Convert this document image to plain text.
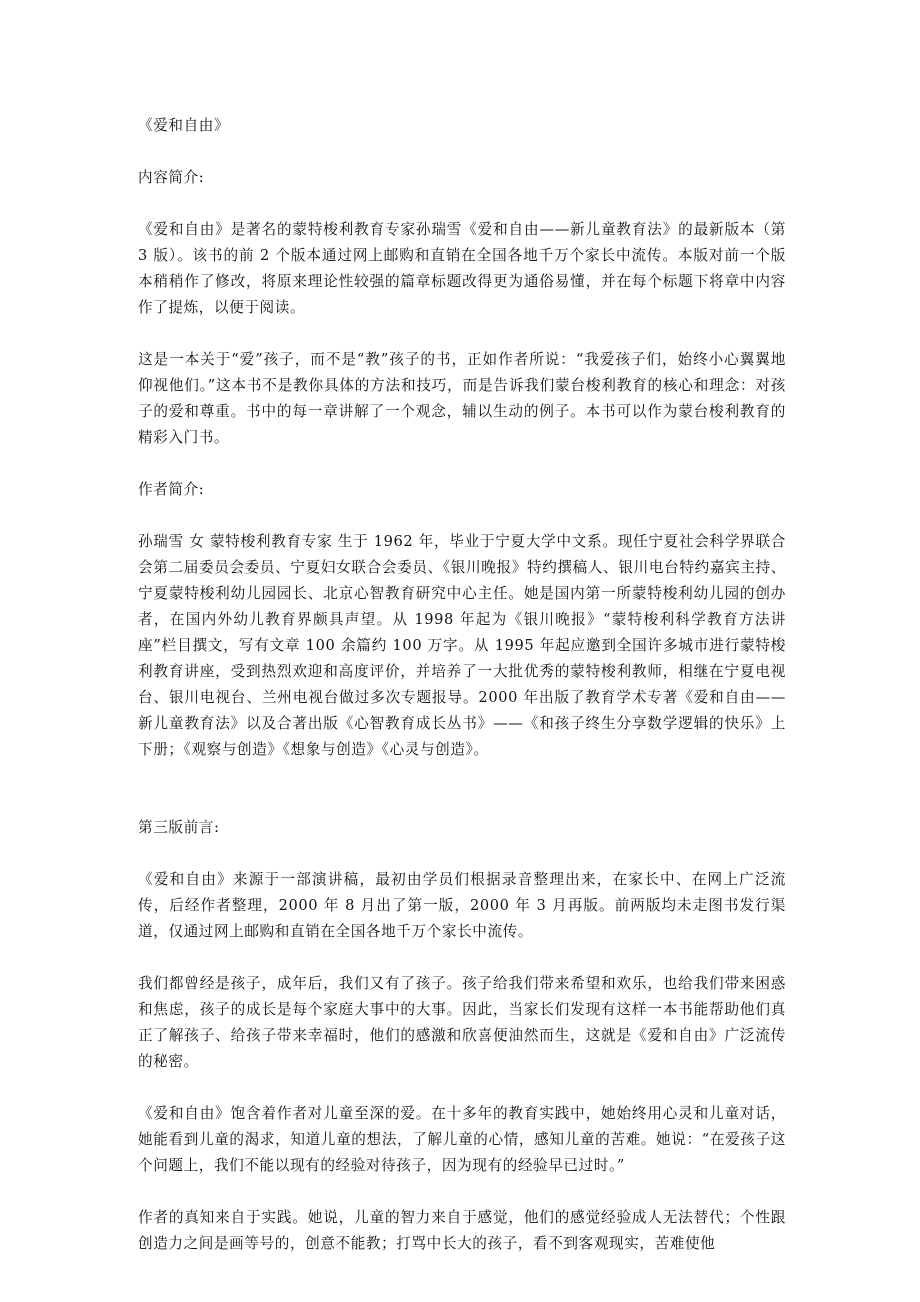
《爱和自由》

内容简介:

《爱和自由》是著名的蒙特梭利教育专家孙瑞雪《爱和自由——新儿童教育法》的最新版本（第 3 版）。该书的前 2 个版本通过网上邮购和直销在全国各地千万个家长中流传。本版对前一个版本稍稍作了修改，将原来理论性较强的篇章标题改得更为通俗易懂，并在每个标题下将章中内容作了提炼，以便于阅读。

这是一本关于“爱”孩子，而不是“教”孩子的书，正如作者所说：“我爱孩子们，始终小心翼翼地仰视他们。”这本书不是教你具体的方法和技巧，而是告诉我们蒙台梭利教育的核心和理念：对孩子的爱和尊重。书中的每一章讲解了一个观念，辅以生动的例子。本书可以作为蒙台梭利教育的精彩入门书。

作者简介:

孙瑞雪 女 蒙特梭利教育专家 生于 1962 年，毕业于宁夏大学中文系。现任宁夏社会科学界联合会第二届委员会委员、宁夏妇女联合会委员、《银川晚报》特约撰稿人、银川电台特约嘉宾主持、宁夏蒙特梭利幼儿园园长、北京心智教育研究中心主任。她是国内第一所蒙特梭利幼儿园的创办者，在国内外幼儿教育界颇具声望。从 1998 年起为《银川晚报》“蒙特梭利科学教育方法讲座”栏目撰文，写有文章 100 余篇约 100 万字。从 1995 年起应邀到全国许多城市进行蒙特梭利教育讲座，受到热烈欢迎和高度评价，并培养了一大批优秀的蒙特梭利教师，相继在宁夏电视台、银川电视台、兰州电视台做过多次专题报导。2000 年出版了教育学术专著《爱和自由——新儿童教育法》以及合著出版《心智教育成长丛书》——《和孩子终生分享数学逻辑的快乐》上下册；《观察与创造》《想象与创造》《心灵与创造》。

第三版前言:

《爱和自由》来源于一部演讲稿，最初由学员们根据录音整理出来，在家长中、在网上广泛流传，后经作者整理，2000 年 8 月出了第一版，2000 年 3 月再版。前两版均未走图书发行渠道，仅通过网上邮购和直销在全国各地千万个家长中流传。

我们都曾经是孩子，成年后，我们又有了孩子。孩子给我们带来希望和欢乐，也给我们带来困惑和焦虑，孩子的成长是每个家庭大事中的大事。因此，当家长们发现有这样一本书能帮助他们真正了解孩子、给孩子带来幸福时，他们的感激和欣喜便油然而生，这就是《爱和自由》广泛流传的秘密。

《爱和自由》饱含着作者对儿童至深的爱。在十多年的教育实践中，她始终用心灵和儿童对话，她能看到儿童的渴求，知道儿童的想法，了解儿童的心情，感知儿童的苦难。她说：“在爱孩子这个问题上，我们不能以现有的经验对待孩子，因为现有的经验早已过时。”

作者的真知来自于实践。她说，儿童的智力来自于感觉，他们的感觉经验成人无法替代；个性跟创造力之间是画等号的，创意不能教；打骂中长大的孩子，看不到客观现实，苦难使他
